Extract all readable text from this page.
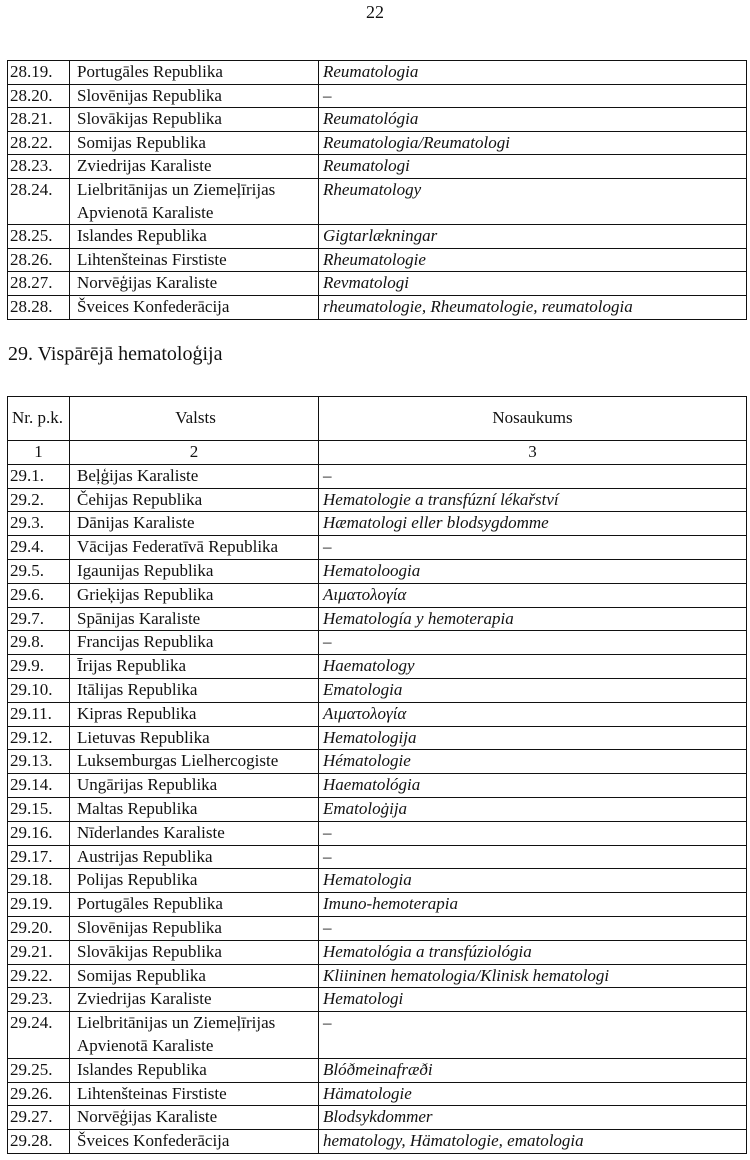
22
28.19.	Portugāles Republika	Reumatologia
28.20.	Slovēnijas Republika	–
28.21.	Slovākijas Republika	Reumatológia
28.22.	Somijas Republika	Reumatologia/Reumatologi
28.23.	Zviedrijas Karaliste	Reumatologi
28.24.	Lielbritānijas un Ziemeļīrijas Apvienotā Karaliste	Rheumatology
28.25.	Islandes Republika	Gigtarlækningar
28.26.	Lihtenšteinas Firstiste	Rheumatologie
28.27.	Norvēģijas Karaliste	Revmatologi
28.28.	Šveices Konfederācija	rheumatologie, Rheumatologie, reumatologia
29. Vispārējā hematoloģija
Nr. p.k.	Valsts	Nosaukums
1	2	3
29.1.	Beļģijas Karaliste	–
29.2.	Čehijas Republika	Hematologie a transfúzní lékařství
29.3.	Dānijas Karaliste	Hæmatologi eller blodsygdomme
29.4.	Vācijas Federatīvā Republika	–
29.5.	Igaunijas Republika	Hematoloogia
29.6.	Grieķijas Republika	Αιματολογία
29.7.	Spānijas Karaliste	Hematología y hemoterapia
29.8.	Francijas Republika	–
29.9.	Īrijas Republika	Haematology
29.10.	Itālijas Republika	Ematologia
29.11.	Kipras Republika	Αιματολογία
29.12.	Lietuvas Republika	Hematologija
29.13.	Luksemburgas Lielhercogiste	Hématologie
29.14.	Ungārijas Republika	Haematológia
29.15.	Maltas Republika	Ematoloġija
29.16.	Nīderlandes Karaliste	–
29.17.	Austrijas Republika	–
29.18.	Polijas Republika	Hematologia
29.19.	Portugāles Republika	Imuno-hemoterapia
29.20.	Slovēnijas Republika	–
29.21.	Slovākijas Republika	Hematológia a transfúziológia
29.22.	Somijas Republika	Kliininen hematologia/Klinisk hematologi
29.23.	Zviedrijas Karaliste	Hematologi
29.24.	Lielbritānijas un Ziemeļīrijas Apvienotā Karaliste	–
29.25.	Islandes Republika	Blóðmeinafræði
29.26.	Lihtenšteinas Firstiste	Hämatologie
29.27.	Norvēģijas Karaliste	Blodsykdommer
29.28.	Šveices Konfederācija	hematology, Hämatologie, ematologia
